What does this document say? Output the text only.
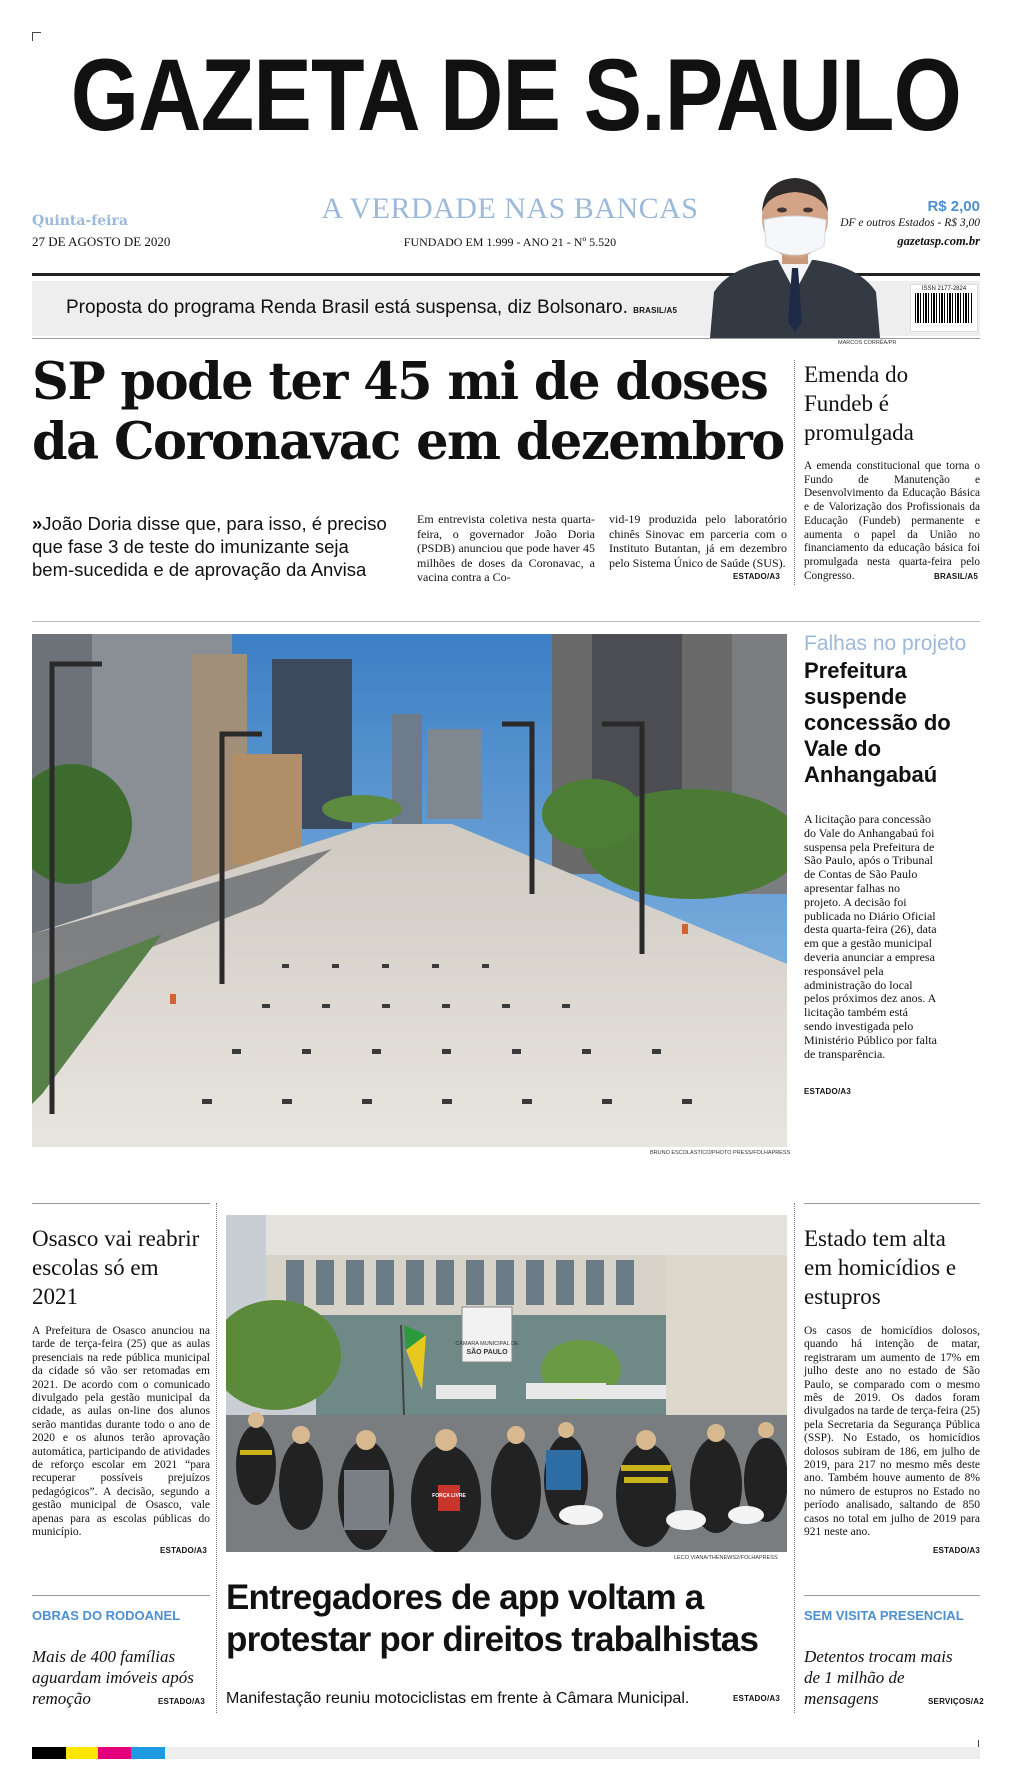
GAZETA DE S.PAULO
Quinta-feira
27 DE AGOSTO DE 2020
A VERDADE NAS BANCAS
FUNDADO EM 1.999 - ANO 21 - Nº 5.520
R$ 2,00
DF e outros Estados - R$ 3,00
gazetasp.com.br
Proposta do programa Renda Brasil está suspensa, diz Bolsonaro. BRASIL/A5
MARCOS CORRÊA/PR
ISSN 2177-2824
SP pode ter 45 mi de doses
da Coronavac em dezembro
»João Doria disse que, para isso, é preciso que fase 3 de teste do imunizante seja bem-sucedida e de aprovação da Anvisa
Em entrevista coletiva nesta quarta-feira, o governador João Doria (PSDB) anunciou que pode haver 45 milhões de doses da Coronavac, a vacina contra a Co-
vid-19 produzida pelo laboratório chinês Sinovac em parceria com o Instituto Butantan, já em dezembro pelo Sistema Único de Saúde (SUS).
ESTADO/A3
Emenda do Fundeb é promulgada
A emenda constitucional que torna o Fundo de Manutenção e Desenvolvimento da Educação Básica e de Valorização dos Profissionais da Educação (Fundeb) permanente e aumenta o papel da União no financiamento da educação básica foi promulgada nesta quarta-feira pelo Congresso.	BRASIL/A5
BRUNO ESCOLASTICO/PHOTO PRESS/FOLHAPRESS
Falhas no projeto
Prefeitura suspende concessão do Vale do Anhangabaú
A licitação para concessão do Vale do Anhangabaú foi suspensa pela Prefeitura de São Paulo, após o Tribunal de Contas de São Paulo apresentar falhas no projeto. A decisão foi publicada no Diário Oficial desta quarta-feira (26), data em que a gestão municipal deveria anunciar a empresa responsável pela administração do local pelos próximos dez anos. A licitação também está sendo investigada pelo Ministério Público por falta de transparência.
ESTADO/A3
Osasco vai reabrir escolas só em 2021
A Prefeitura de Osasco anunciou na tarde de terça-feira (25) que as aulas presenciais na rede pública municipal da cidade só vão ser retomadas em 2021. De acordo com o comunicado divulgado pela gestão municipal da cidade, as aulas on-line dos alunos serão mantidas durante todo o ano de 2020 e os alunos terão aprovação automática, participando de atividades de reforço escolar em 2021 “para recuperar possíveis prejuízos pedagógicos”. A decisão, segundo a gestão municipal de Osasco, vale apenas para as escolas públicas do município.
ESTADO/A3
CÂMARA MUNICIPAL DE
SÃO PAULO
FORÇA LIVRE
LECO VIANA/THENEWS2/FOLHAPRESS
Entregadores de app voltam a
protestar por direitos trabalhistas
Manifestação reuniu motociclistas em frente à Câmara Municipal.	ESTADO/A3
Estado tem alta em homicídios e estupros
Os casos de homicídios dolosos, quando há intenção de matar, registraram um aumento de 17% em julho deste ano no estado de São Paulo, se comparado com o mesmo mês de 2019. Os dados foram divulgados na tarde de terça-feira (25) pela Secretaria da Segurança Pública (SSP). No Estado, os homicídios dolosos subiram de 186, em julho de 2019, para 217 no mesmo mês deste ano. Também houve aumento de 8% no número de estupros no Estado no período analisado, saltando de 850 casos no total em julho de 2019 para 921 neste ano.
ESTADO/A3
OBRAS DO RODOANEL
Mais de 400 famílias aguardam imóveis após remoção	ESTADO/A3
SEM VISITA PRESENCIAL
Detentos trocam mais de 1 milhão de mensagens	SERVIÇOS/A2
